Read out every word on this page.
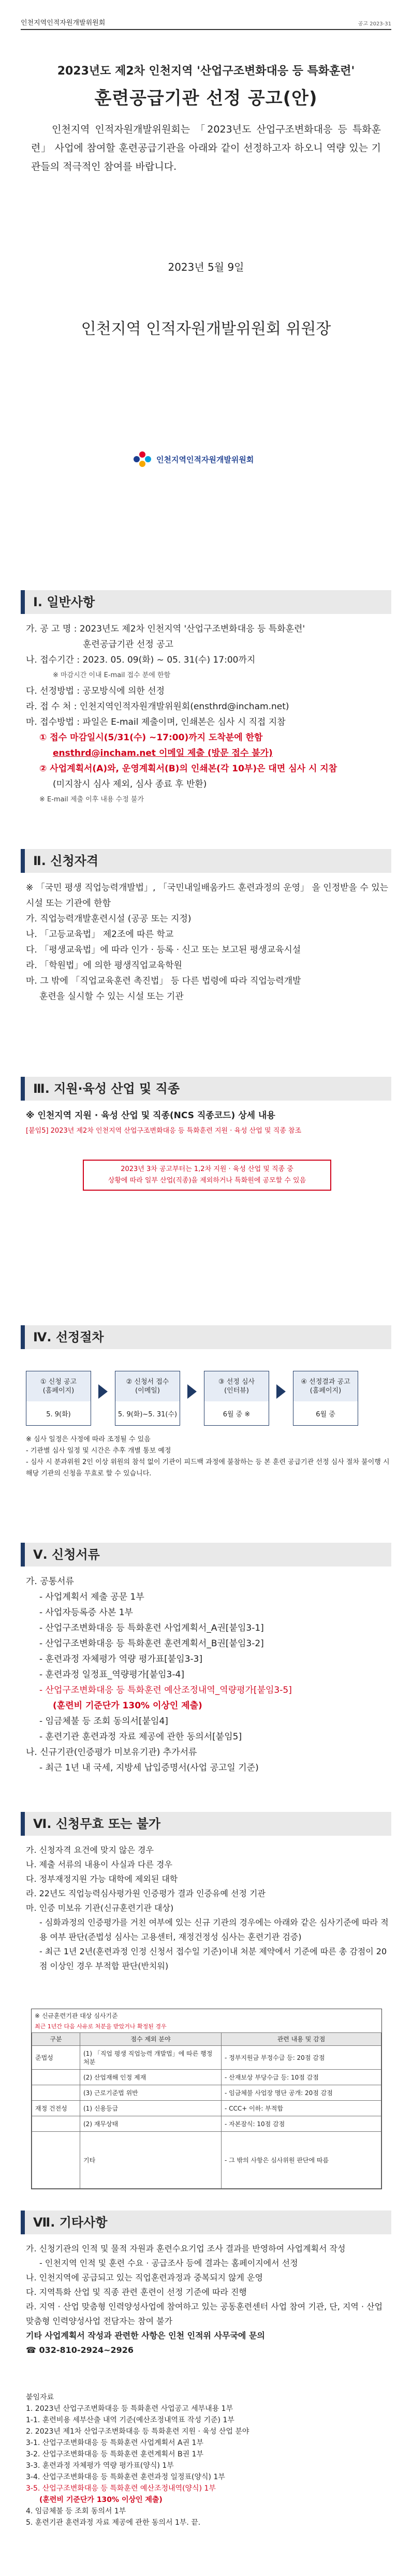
인천지역인적자원개발위원회	공고 2023-31
2023년도 제2차 인천지역 '산업구조변화대응 등 특화훈련'
훈련공급기관 선정 공고(안)
인천지역 인적자원개발위원회는 「2023년도 산업구조변화대응 등 특화훈련」 사업에 참여할 훈련공급기관을 아래와 같이 선정하고자 하오니 역량 있는 기관들의 적극적인 참여를 바랍니다.
2023년 5월 9일
인천지역 인적자원개발위원회 위원장
인천지역인적자원개발위원회
Ⅰ. 일반사항

가. 공 고 명 : 2023년도 제2차 인천지역 '산업구조변화대응 등 특화훈련'

훈련공급기관 선정 공고

나. 접수기간 : 2023. 05. 09(화) ~ 05. 31(수) 17:00까지

※ 마감시간 이내 E-mail 접수 분에 한함

다. 선정방법 : 공모방식에 의한 선정

라. 접 수 처 : 인천지역인적자원개발위원회(ensthrd@incham.net)

마. 접수방법 : 파일은 E-mail 제출이며, 인쇄본은 심사 시 직접 지참

① 접수 마감일시(5/31(수) ~17:00)까지 도착분에 한함

ensthrd@incham.net 이메일 제출 (방문 접수 불가)

② 사업계획서(A)와, 운영계획서(B)의 인쇄본(각 10부)은 대면 심사 시 지참

(미지참시 심사 제외, 심사 종료 후 반환)

※ E-mail 제출 이후 내용 수정 불가

Ⅱ. 신청자격

※ 「국민 평생 직업능력개발법」, 「국민내일배움카드 훈련과정의 운영」 을 인정받을 수 있는 시설 또는 기관에 한함

가. 직업능력개발훈련시설 (공공 또는 지정)

나. 「고등교육법」 제2조에 따른 학교

다. 「평생교육법」에 따라 인가 · 등록 · 신고 또는 보고된 평생교육시설

라. 「학원법」에 의한 평생직업교육학원

마. 그 밖에 「직업교육훈련 촉진법」 등 다른 법령에 따라 직업능력개발

훈련을 실시할 수 있는 시설 또는 기관

Ⅲ. 지원·육성 산업 및 직종

※ 인천지역 지원 · 육성 산업 및 직종(NCS 직종코드) 상세 내용

[붙임5] 2023년 제2차 인천지역 산업구조변화대응 등 특화훈련 지원 · 육성 산업 및 직종 참조

2023년 3차 공고부터는 1,2차 지원 · 육성 산업 및 직종 중
상황에 따라 일부 산업(직종)을 제외하거나 특화원에 공모할 수 있음
Ⅳ. 선정절차
① 신청 공고
(홈페이지)
5. 9(화)
② 신청서 접수
(이메일)
5. 9(화)~5. 31(수)
③ 선정 심사
(인터뷰)
6월 중 ※
④ 선정결과 공고
(홈페이지)
6월 중

※ 심사 일정은 사정에 따라 조정될 수 있음

- 기관별 심사 일정 및 시간은 추후 개별 통보 예정

- 심사 시 분과위원 2인 이상 위원의 참석 없이 기관이 피드백 과정에 불참하는 등 본 훈련 공급기관 선정 심사 절차 불이행 시 해당 기관의 신청을 무효로 할 수 있습니다.

Ⅴ. 신청서류

가. 공통서류

- 사업계획서 제출 공문 1부

- 사업자등록증 사본 1부

- 산업구조변화대응 등 특화훈련 사업계획서_A권[붙임3-1]

- 산업구조변화대응 등 특화훈련 훈련계획서_B권[붙임3-2]

- 훈련과정 자체평가 역량 평가표[붙임3-3]

- 훈련과정 일정표_역량평가[붙임3-4]

- 산업구조변화대응 등 특화훈련 예산조정내역_역량평가[붙임3-5]

(훈련비 기준단가 130% 이상인 제출)

- 임금체불 등 조회 동의서[붙임4]

- 훈련기관 훈련과정 자료 제공에 관한 동의서[붙임5]

나. 신규기관(인증평가 미보유기관) 추가서류

- 최근 1년 내 국세, 지방세 납입증명서(사업 공고일 기준)

Ⅵ. 신청무효 또는 불가

가. 신청자격 요건에 맞지 않은 경우

나. 제출 서류의 내용이 사실과 다른 경우

다. 정부재정지원 가능 대학에 제외된 대학

라. 22년도 직업능력심사평가원 인증평가 결과 인증유예 선정 기관

마. 인증 미보유 기관(신규훈련기관 대상)

- 심화과정의 인증평가를 거친 여부에 있는 신규 기관의 경우에는 아래와 같은 심사기준에 따라 적용 여부 판단(준법성 심사는 고용센터, 재정건정성 심사는 훈련기관 검증)

- 최근 1년 2년(훈련과정 인정 신청서 접수일 기준)이내 처분 제약에서 기준에 따른 총 감점이 20점 이상인 경우 부적합 판단(반치워)

※ 신규훈련기관 대상 심사기준
최근 1년간 다음 사유로 처분을 받았거나 확정된 경우
구분	점수 제외 분야	관련 내용 및 감점
준법성	(1) 「직업 평생 직업능력 개발법」에 따른 행정처분	- 정부지원금 부정수급 등: 20점 감점
	(2) 산업재해 인정 제재	- 산재보상 부당수급 등: 10점 감점
	(3) 근로기준법 위반	- 임금체불 사업장 명단 공개: 20점 감점
재정 건전성	(1) 신용등급	- CCC+ 이하: 부적합
	(2) 재무상태	- 자본잠식: 10점 감점
	기타	- 그 밖의 사항은 심사위원 판단에 따름
Ⅶ. 기타사항

가. 신청기관의 인적 및 물적 자원과 훈련수요기업 조사 결과를 반영하여 사업계획서 작성

- 인천지역 인적 및 훈련 수요 · 공급조사 등에 결과는 홈페이지에서 선정

나. 인천지역에 공급되고 있는 직업훈련과정과 중복되지 않게 운영

다. 지역특화 산업 및 직종 관련 훈련이 선정 기준에 따라 진행

라. 지역 · 산업 맞춤형 인력양성사업에 참여하고 있는 공동훈련센터 사업 참여 기관, 단, 지역 · 산업 맞춤형 인력양성사업 전담자는 참여 불가

기타 사업계획서 작성과 관련한 사항은 인천 인적위 사무국에 문의

☎ 032-810-2924~2926

붙임자료

1. 2023년 산업구조변화대응 등 특화훈련 사업공고 세부내용 1부

1-1. 훈련비용 세부산출 내역 기준(예산조정내역표 작성 기준) 1부

2. 2023년 제1차 산업구조변화대응 등 특화훈련 지원 · 육성 산업 분야

3-1. 산업구조변화대응 등 특화훈련 사업계획서 A권 1부

3-2. 산업구조변화대응 등 특화훈련 훈련계획서 B권 1부

3-3. 훈련과정 자체평가 역량 평가표(양식) 1부

3-4. 산업구조변화대응 등 특화훈련 훈련과정 일정표(양식) 1부

3-5. 산업구조변화대응 등 특화훈련 예산조정내역(양식) 1부

(훈련비 기준단가 130% 이상인 제출)

4. 임금체불 등 조회 동의서 1부

5. 훈련기관 훈련과정 자료 제공에 관한 동의서 1부. 끝.
